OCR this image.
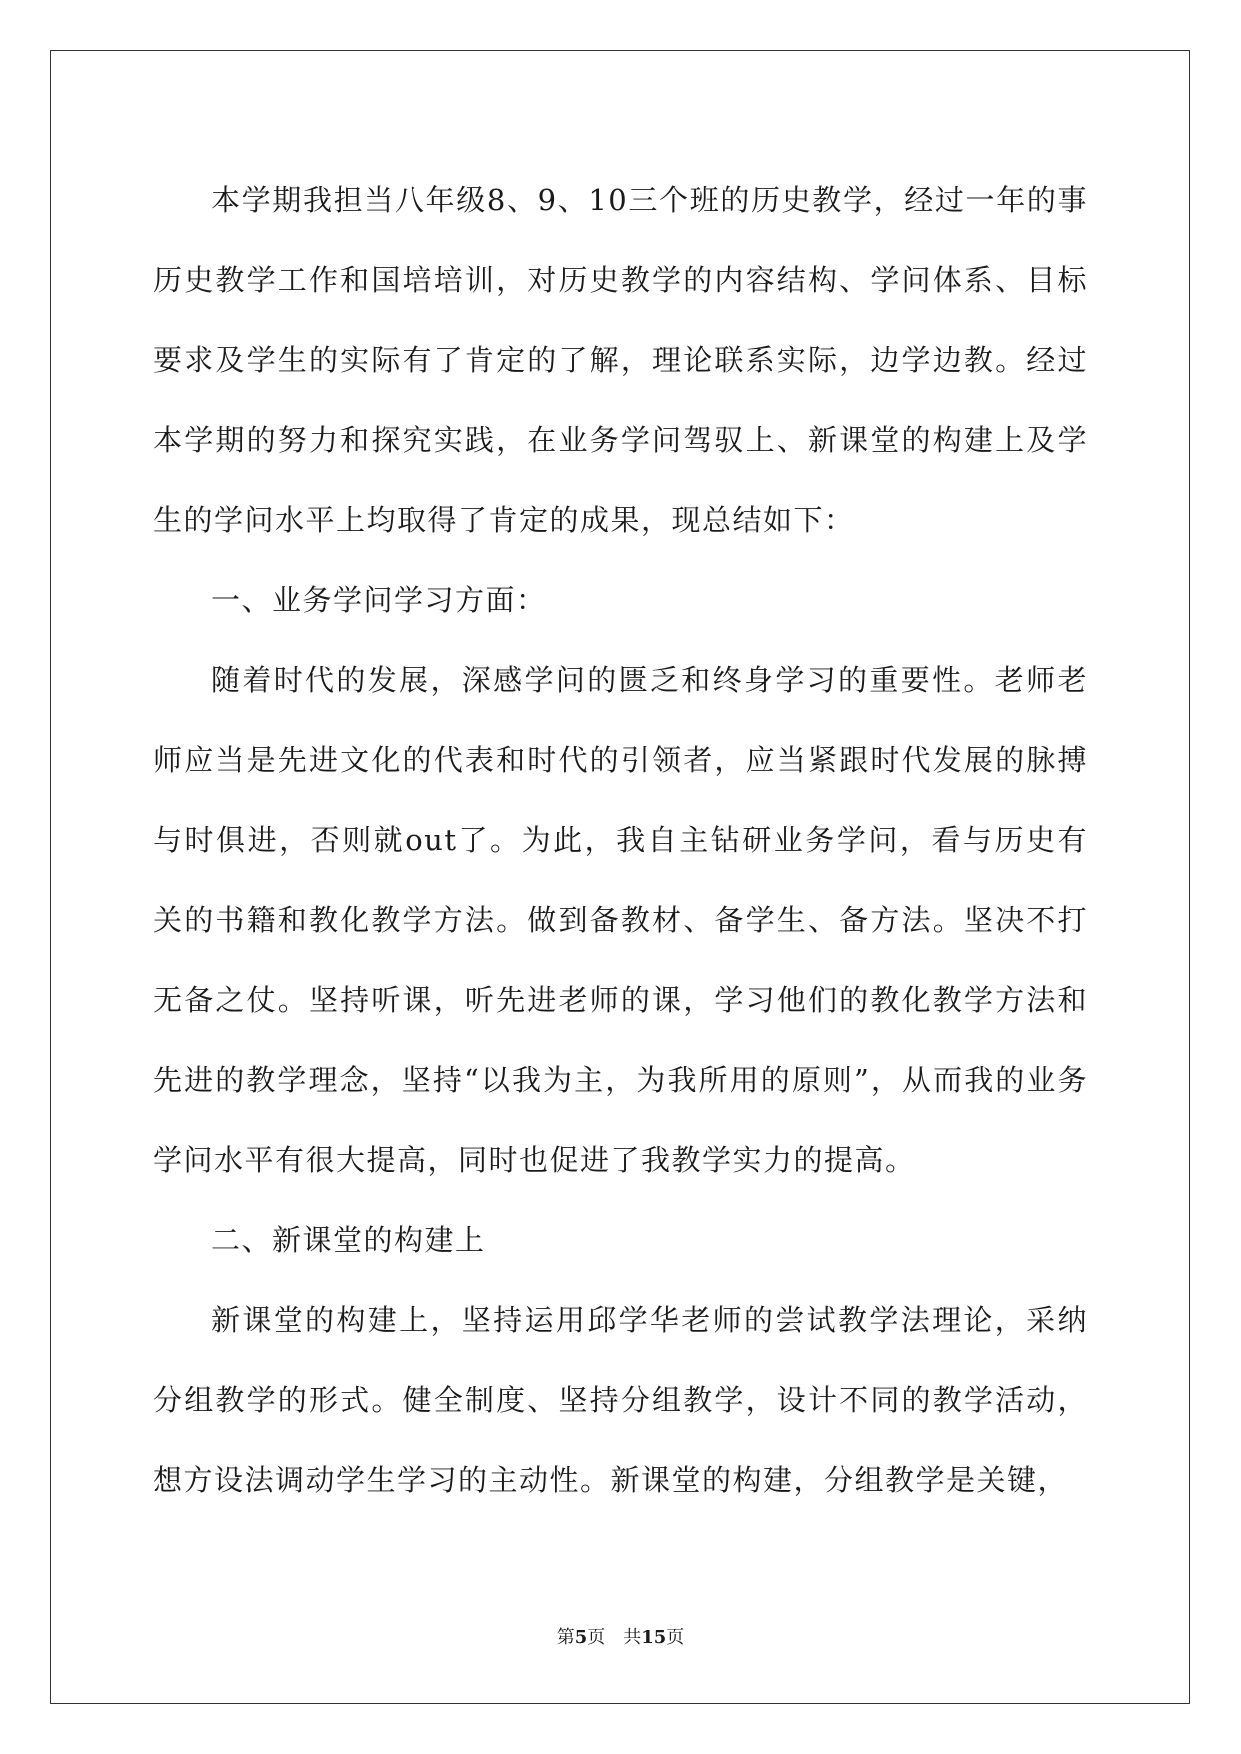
本学期我担当八年级8、9、10三个班的历史教学，经过一年的事历史教学工作和国培培训，对历史教学的内容结构、学问体系、目标要求及学生的实际有了肯定的了解，理论联系实际，边学边教。经过本学期的努力和探究实践，在业务学问驾驭上、新课堂的构建上及学生的学问水平上均取得了肯定的成果，现总结如下：

一、业务学问学习方面：

随着时代的发展，深感学问的匮乏和终身学习的重要性。老师老师应当是先进文化的代表和时代的引领者，应当紧跟时代发展的脉搏与时俱进，否则就out了。为此，我自主钻研业务学问，看与历史有关的书籍和教化教学方法。做到备教材、备学生、备方法。坚决不打无备之仗。坚持听课，听先进老师的课，学习他们的教化教学方法和先进的教学理念，坚持“以我为主，为我所用的原则”，从而我的业务学问水平有很大提高，同时也促进了我教学实力的提高。

二、新课堂的构建上

新课堂的构建上，坚持运用邱学华老师的尝试教学法理论，采纳分组教学的形式。健全制度、坚持分组教学，设计不同的教学活动，想方设法调动学生学习的主动性。新课堂的构建，分组教学是关键，

第5页 共15页
